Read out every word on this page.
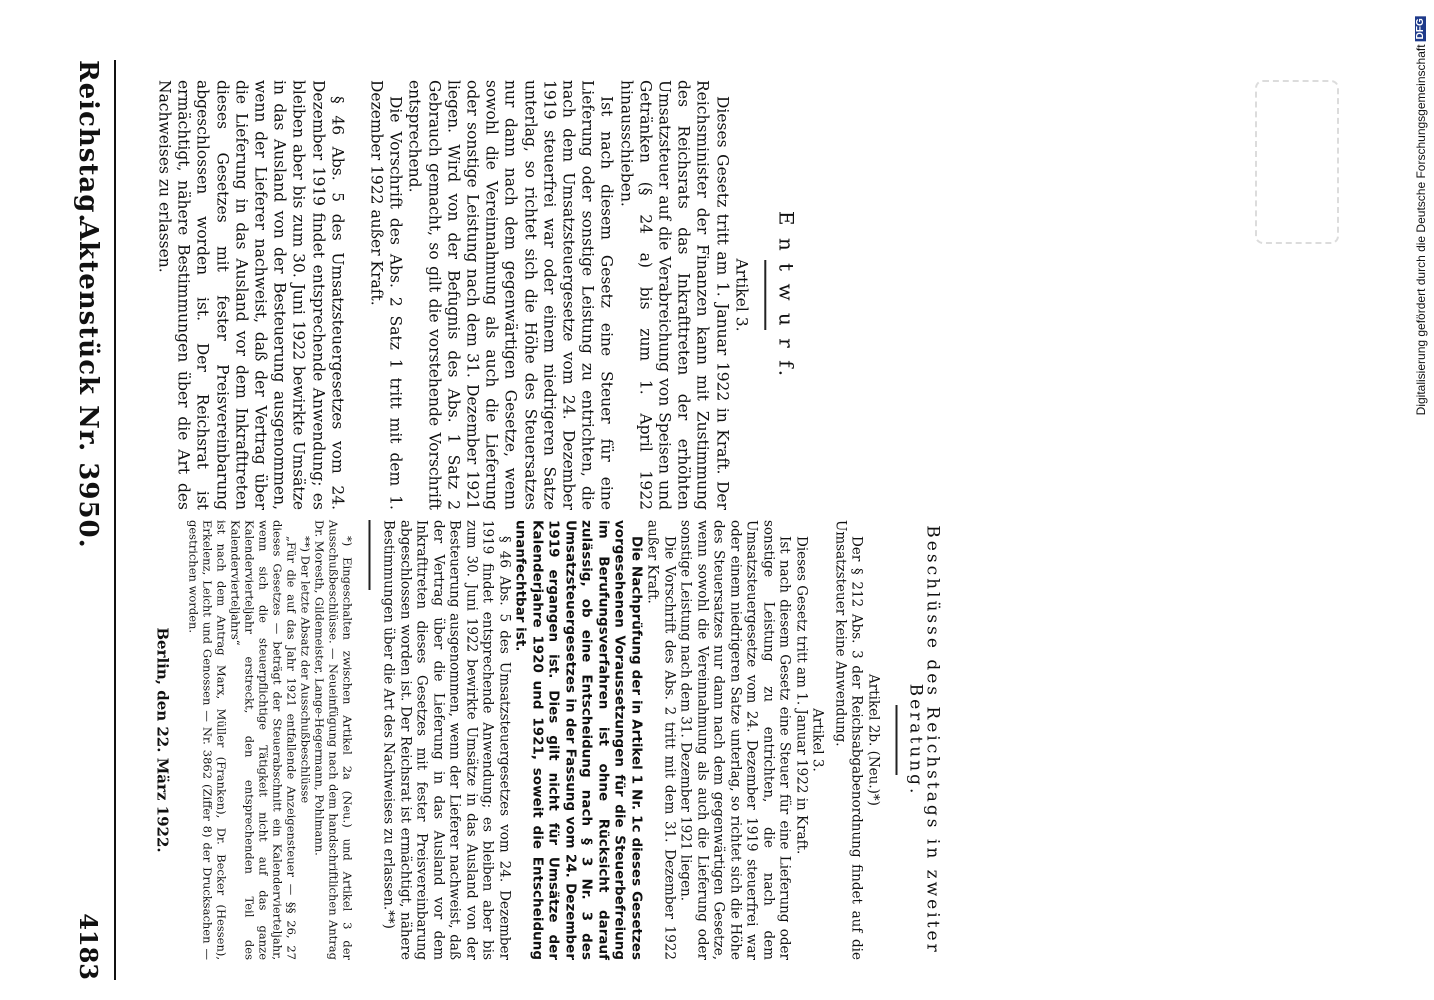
Reichstag.
Aktenstück Nr. 3950.
4183
E n t w u r f.

Artikel 3.

Dieses Gesetz tritt am 1. Januar 1922 in Kraft. Der Reichsminister der Finanzen kann mit Zustimmung des Reichsrats das Inkrafttreten der erhöhten Umsatzsteuer auf die Verabreichung von Speisen und Getränken (§ 24 a) bis zum 1. April 1922 hinausschieben.

Ist nach diesem Gesetz eine Steuer für eine Lieferung oder sonstige Leistung zu entrichten, die nach dem Umsatzsteuergesetze vom 24. Dezember 1919 steuerfrei war oder einem niedrigeren Satze unterlag, so richtet sich die Höhe des Steuersatzes nur dann nach dem gegenwärtigen Gesetze, wenn sowohl die Vereinnahmung als auch die Lieferung oder sonstige Leistung nach dem 31. Dezember 1921 liegen. Wird von der Befugnis des Abs. 1 Satz 2 Gebrauch gemacht, so gilt die vorstehende Vorschrift entsprechend.

Die Vorschrift des Abs. 2 Satz 1 tritt mit dem 1. Dezember 1922 außer Kraft.

§ 46 Abs. 5 des Umsatzsteuergesetzes vom 24. Dezember 1919 findet entsprechende Anwendung; es bleiben aber bis zum 30. Juni 1922 bewirkte Umsätze in das Ausland von der Besteuerung ausgenommen, wenn der Lieferer nachweist, daß der Vertrag über die Lieferung in das Ausland vor dem Inkrafttreten dieses Gesetzes mit fester Preisvereinbarung abgeschlossen worden ist. Der Reichsrat ist ermächtigt, nähere Bestimmungen über die Art des Nachweises zu erlassen.

Beschlüsse des Reichstags in zweiter Beratung.

Artikel 2b. (Neu.)*)

Der § 212 Abs. 3 der Reichsabgabenordnung findet auf die Umsatzsteuer keine Anwendung.

Artikel 3.

Dieses Gesetz tritt am 1. Januar 1922 in Kraft.

Ist nach diesem Gesetz eine Steuer für eine Lieferung oder sonstige Leistung zu entrichten, die nach dem Umsatzsteuergesetze vom 24. Dezember 1919 steuerfrei war oder einem niedrigeren Satze unterlag, so richtet sich die Höhe des Steuersatzes nur dann nach dem gegenwärtigen Gesetze, wenn sowohl die Vereinnahmung als auch die Lieferung oder sonstige Leistung nach dem 31. Dezember 1921 liegen.

Die Vorschrift des Abs. 2 tritt mit dem 31. Dezember 1922 außer Kraft.

Die Nachprüfung der in Artikel 1 Nr. 1c dieses Gesetzes vorgesehenen Voraussetzungen für die Steuerbefreiung im Berufungsverfahren ist ohne Rücksicht darauf zulässig, ob eine Entscheidung nach § 3 Nr. 3 des Umsatzsteuergesetzes in der Fassung vom 24. Dezember 1919 ergangen ist. Dies gilt nicht für Umsätze der Kalenderjahre 1920 und 1921, soweit die Entscheidung unanfechtbar ist.

§ 46 Abs. 5 des Umsatzsteuergesetzes vom 24. Dezember 1919 findet entsprechende Anwendung; es bleiben aber bis zum 30. Juni 1922 bewirkte Umsätze in das Ausland von der Besteuerung ausgenommen, wenn der Lieferer nachweist, daß der Vertrag über die Lieferung in das Ausland vor dem Inkrafttreten dieses Gesetzes mit fester Preisvereinbarung abgeschlossen worden ist. Der Reichsrat ist ermächtigt, nähere Bestimmungen über die Art des Nachweises zu erlassen.**)

*) Eingeschalten zwischen Artikel 2a (Neu.) und Artikel 3 der Ausschußbeschlüsse. — Neueinfügung nach dem handschriftlichen Antrag Dr. Moresth, Gildemeister, Lange-Hegermann, Pohlmann.

**) Der letzte Absatz der Ausschußbeschlüsse

„Für die auf das Jahr 1921 entfallende Anzeigensteuer — §§ 26, 27 dieses Gesetzes — beträgt der Steuerabschnitt ein Kalendervierteljahr, wenn sich die steuerpflichtige Tätigkeit nicht auf das ganze Kalendervierteljahr erstreckt, den entsprechenden Teil des Kalendervierteljahrs“

ist nach dem Antrag Marx, Müller (Franken), Dr. Becker (Hessen), Erkelenz, Leicht und Genossen — Nr. 3862 (Ziffer 8) der Drucksachen — gestrichen worden.

Berlin, den 22. März 1922.

Digitalisierung gefördert durch die Deutsche Forschungsgemeinschaft DFG
